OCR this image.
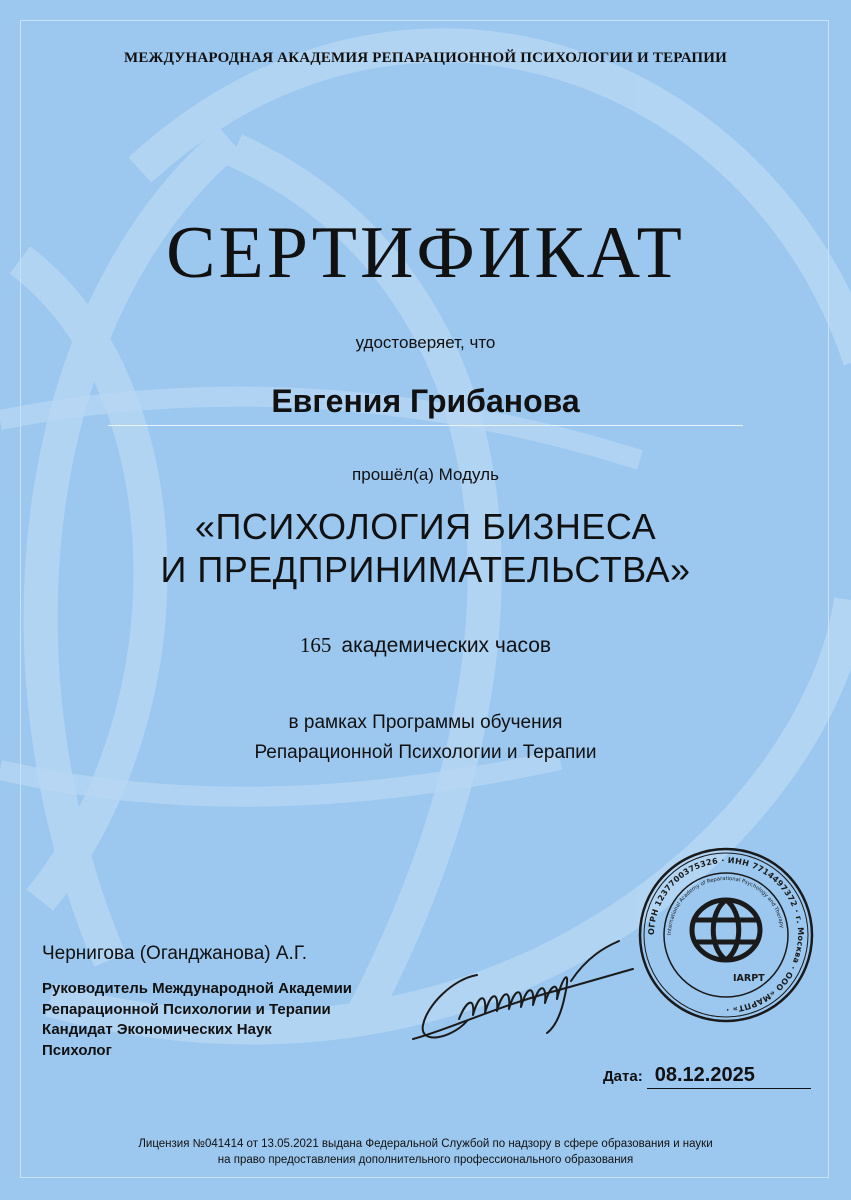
МЕЖДУНАРОДНАЯ АКАДЕМИЯ РЕПАРАЦИОННОЙ ПСИХОЛОГИИ И ТЕРАПИИ
СЕРТИФИКАТ
удостоверяет, что
Евгения Грибанова
прошёл(а) Модуль
«ПСИХОЛОГИЯ БИЗНЕСА
И ПРЕДПРИНИМАТЕЛЬСТВА»
165 академических часов
в рамках Программы обучения
Репарационной Психологии и Терапии
Чернигова (Оганджанова) А.Г.
Руководитель Международной Академии
Репарационной Психологии и Терапии
Кандидат Экономических Наук
Психолог
ОГРН 1237700375326 · ИНН 7714497372 · г. Москва · ООО «МАРПТ» ·
International Academy of Reparational Psychology and Therapy
IARPT
Дата: 08.12.2025
Лицензия №041414 от 13.05.2021 выдана Федеральной Службой по надзору в сфере образования и науки
на право предоставления дополнительного профессионального образования
